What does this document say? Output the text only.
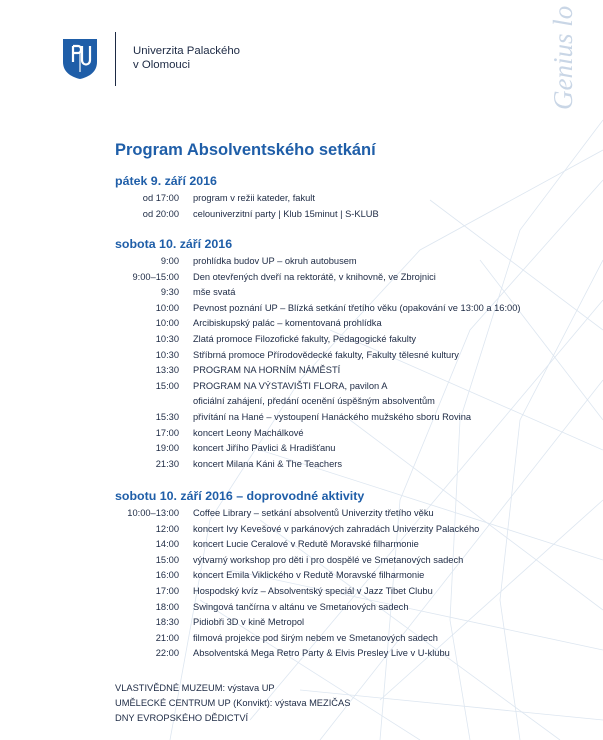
Genius lo
Univerzita Palackého
v Olomouci
Program Absolventského setkání
pátek 9. září 2016
od 17:00 program v režii kateder, fakult
od 20:00 celouniverzitní party | Klub 15minut | S-KLUB
sobota 10. září 2016
9:00 prohlídka budov UP – okruh autobusem
9:00–15:00 Den otevřených dveří na rektorátě, v knihovně, ve Zbrojnici
9:30 mše svatá
10:00 Pevnost poznání UP – Blízká setkání třetího věku (opakování ve 13:00 a 16:00)
10:00 Arcibiskupský palác – komentovaná prohlídka
10:30 Zlatá promoce Filozofické fakulty, Pedagogické fakulty
10:30 Stříbrná promoce Přírodovědecké fakulty, Fakulty tělesné kultury
13:30 PROGRAM NA HORNÍM NÁMĚSTÍ
15:00 PROGRAM NA VÝSTAVIŠTI FLORA, pavilon A
oficiální zahájení, předání ocenění úspěšným absolventům
15:30 přivítání na Hané – vystoupení Hanáckého mužského sboru Rovina
17:00 koncert Leony Machálkové
19:00 koncert Jiřího Pavlici & Hradišťanu
21:30 koncert Milana Káni & The Teachers
sobotu 10. září 2016 – doprovodné aktivity
10:00–13:00 Coffee Library – setkání absolventů Univerzity třetího věku
12:00 koncert Ivy Kevešové v parkánových zahradách Univerzity Palackého
14:00 koncert Lucie Ceralové v Redutě Moravské filharmonie
15:00 výtvarný workshop pro děti i pro dospělé ve Smetanových sadech
16:00 koncert Emila Viklického v Redutě Moravské filharmonie
17:00 Hospodský kvíz – Absolventský speciál v Jazz Tibet Clubu
18:00 Swingová tančírna v altánu ve Smetanových sadech
18:30 Pidiobři 3D v kině Metropol
21:00 filmová projekce pod širým nebem ve Smetanových sadech
22:00 Absolventská Mega Retro Party & Elvis Presley Live v U-klubu
VLASTIVĚDNÉ MUZEUM: výstava UP
UMĚLECKÉ CENTRUM UP (Konvikt): výstava MEZIČAS
DNY EVROPSKÉHO DĚDICTVÍ
